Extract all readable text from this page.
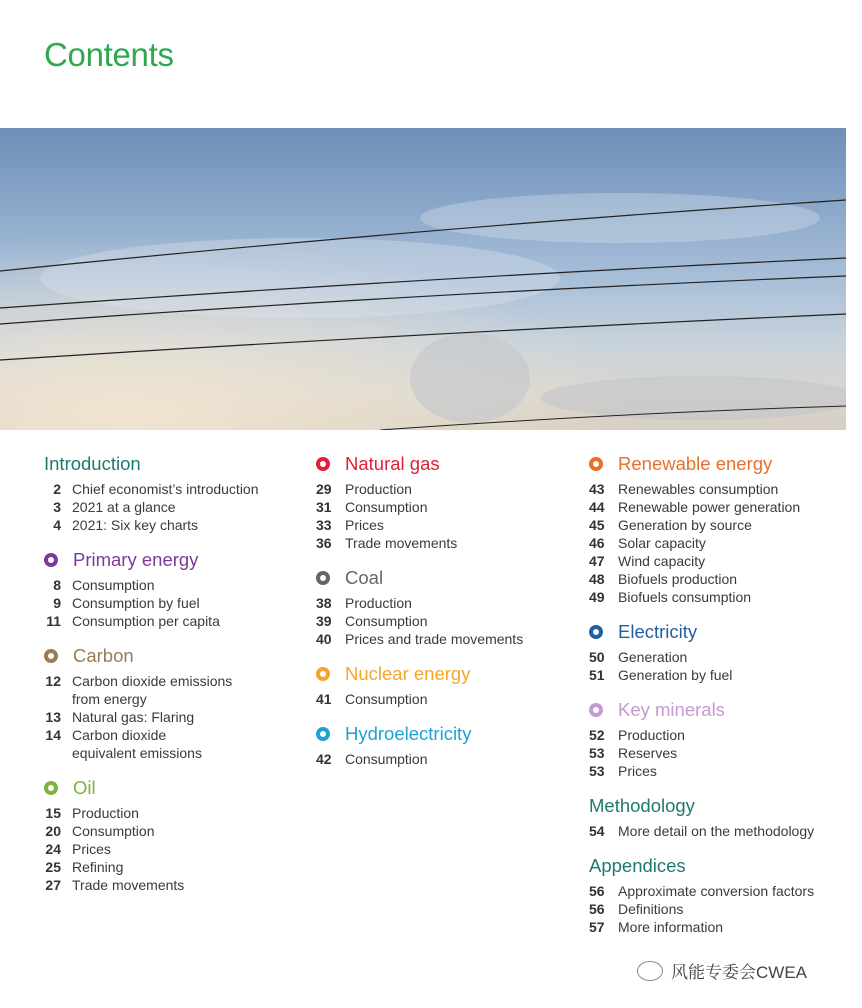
Contents
Introduction
2 Chief economist’s introduction
3 2021 at a glance
4 2021: Six key charts
Primary energy
8 Consumption
9 Consumption by fuel
11 Consumption per capita
Carbon
12 Carbon dioxide emissions
from energy
13 Natural gas: Flaring
14 Carbon dioxide
equivalent emissions
Oil
15 Production
20 Consumption
24 Prices
25 Refining
27 Trade movements
Natural gas
29 Production
31 Consumption
33 Prices
36 Trade movements
Coal
38 Production
39 Consumption
40 Prices and trade movements
Nuclear energy
41 Consumption
Hydroelectricity
42 Consumption
Renewable energy
43 Renewables consumption
44 Renewable power generation
45 Generation by source
46 Solar capacity
47 Wind capacity
48 Biofuels production
49 Biofuels consumption
Electricity
50 Generation
51 Generation by fuel
Key minerals
52 Production
53 Reserves
53 Prices
Methodology
54 More detail on the methodology
Appendices
56 Approximate conversion factors
56 Definitions
57 More information
风能专委会CWEA
